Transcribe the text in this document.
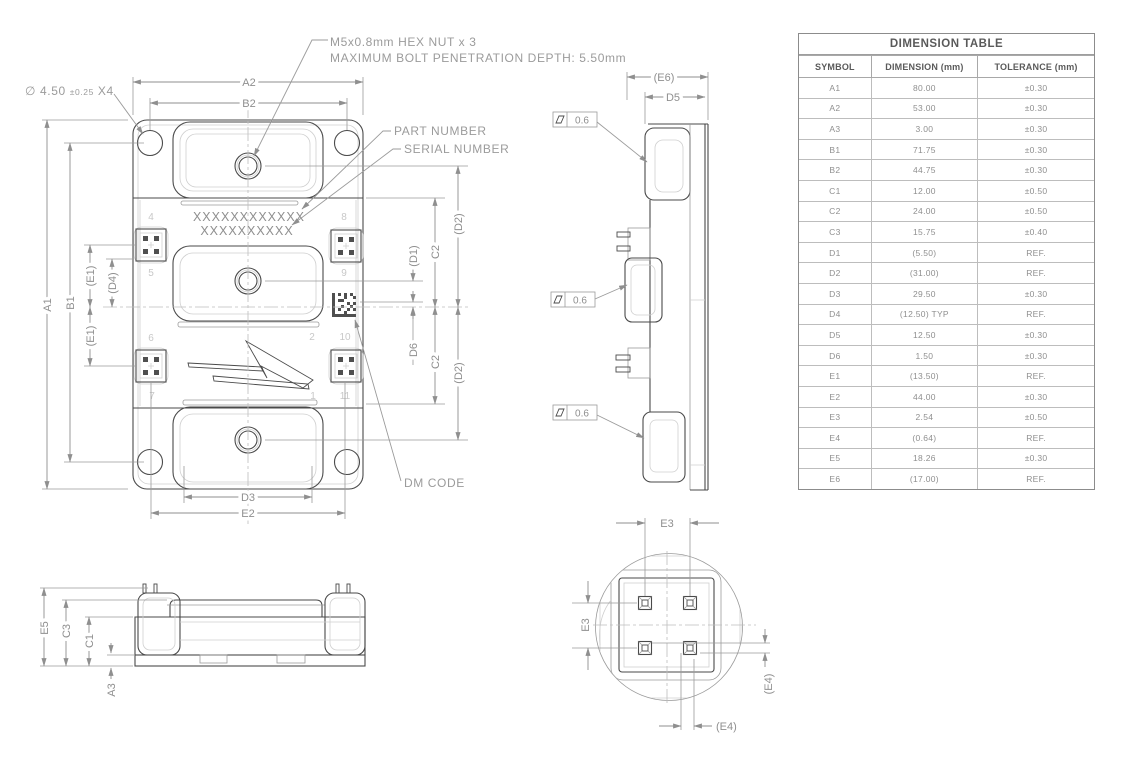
4	8
5	9
6	2 10
7	1 11
XXXXXXXXXXXX
XXXXXXXXXX
A2
B2
A1 B1
(E1) (D4)
(E1)
(D1) C2
(D2)
D6
C2
(D2)
D3
E2
M5x0.8mm HEX NUT x 3
MAXIMUM BOLT PENETRATION DEPTH: 5.50mm
∅ 4.50 ±0.25 X4
PART NUMBER
SERIAL NUMBER
DM CODE
(E6)
D5
0.6
0.6
0.6
E5 C3
C1
A3
E3
E3
(E4)
(E4)
DIMENSION TABLE
SYMBOL	DIMENSION (mm)	TOLERANCE (mm)
A1	80.00	±0.30
A2	53.00	±0.30
A3	3.00	±0.30
B1	71.75	±0.30
B2	44.75	±0.30
C1	12.00	±0.50
C2	24.00	±0.50
C3	15.75	±0.40
D1	(5.50)	REF.
D2	(31.00)	REF.
D3	29.50	±0.30
D4	(12.50) TYP	REF.
D5	12.50	±0.30
D6	1.50	±0.30
E1	(13.50)	REF.
E2	44.00	±0.30
E3	2.54	±0.50
E4	(0.64)	REF.
E5	18.26	±0.30
E6	(17.00)	REF.
